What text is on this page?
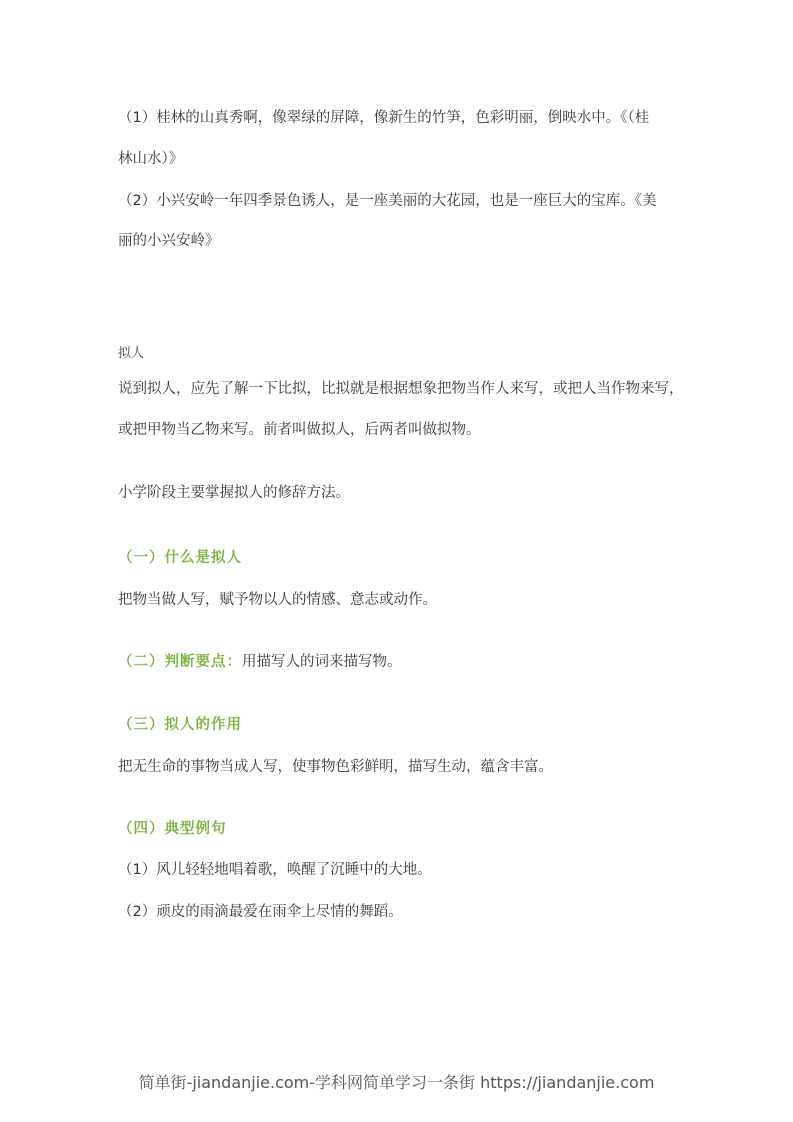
（1）桂林的山真秀啊，像翠绿的屏障，像新生的竹笋，色彩明丽，倒映水中。《（桂
林山水）》
（2）小兴安岭一年四季景色诱人，是一座美丽的大花园，也是一座巨大的宝库。《美
丽的小兴安岭》
拟人
说到拟人，应先了解一下比拟，比拟就是根据想象把物当作人来写，或把人当作物来写，
或把甲物当乙物来写。前者叫做拟人，后两者叫做拟物。
小学阶段主要掌握拟人的修辞方法。
（一）什么是拟人
把物当做人写，赋予物以人的情感、意志或动作。
（二）判断要点：用描写人的词来描写物。
（三）拟人的作用
把无生命的事物当成人写，使事物色彩鲜明，描写生动，蕴含丰富。
（四）典型例句
（1）风儿轻轻地唱着歌，唤醒了沉睡中的大地。
（2）顽皮的雨滴最爱在雨伞上尽情的舞蹈。
简单街-jiandanjie.com-学科网简单学习一条街 https://jiandanjie.com
